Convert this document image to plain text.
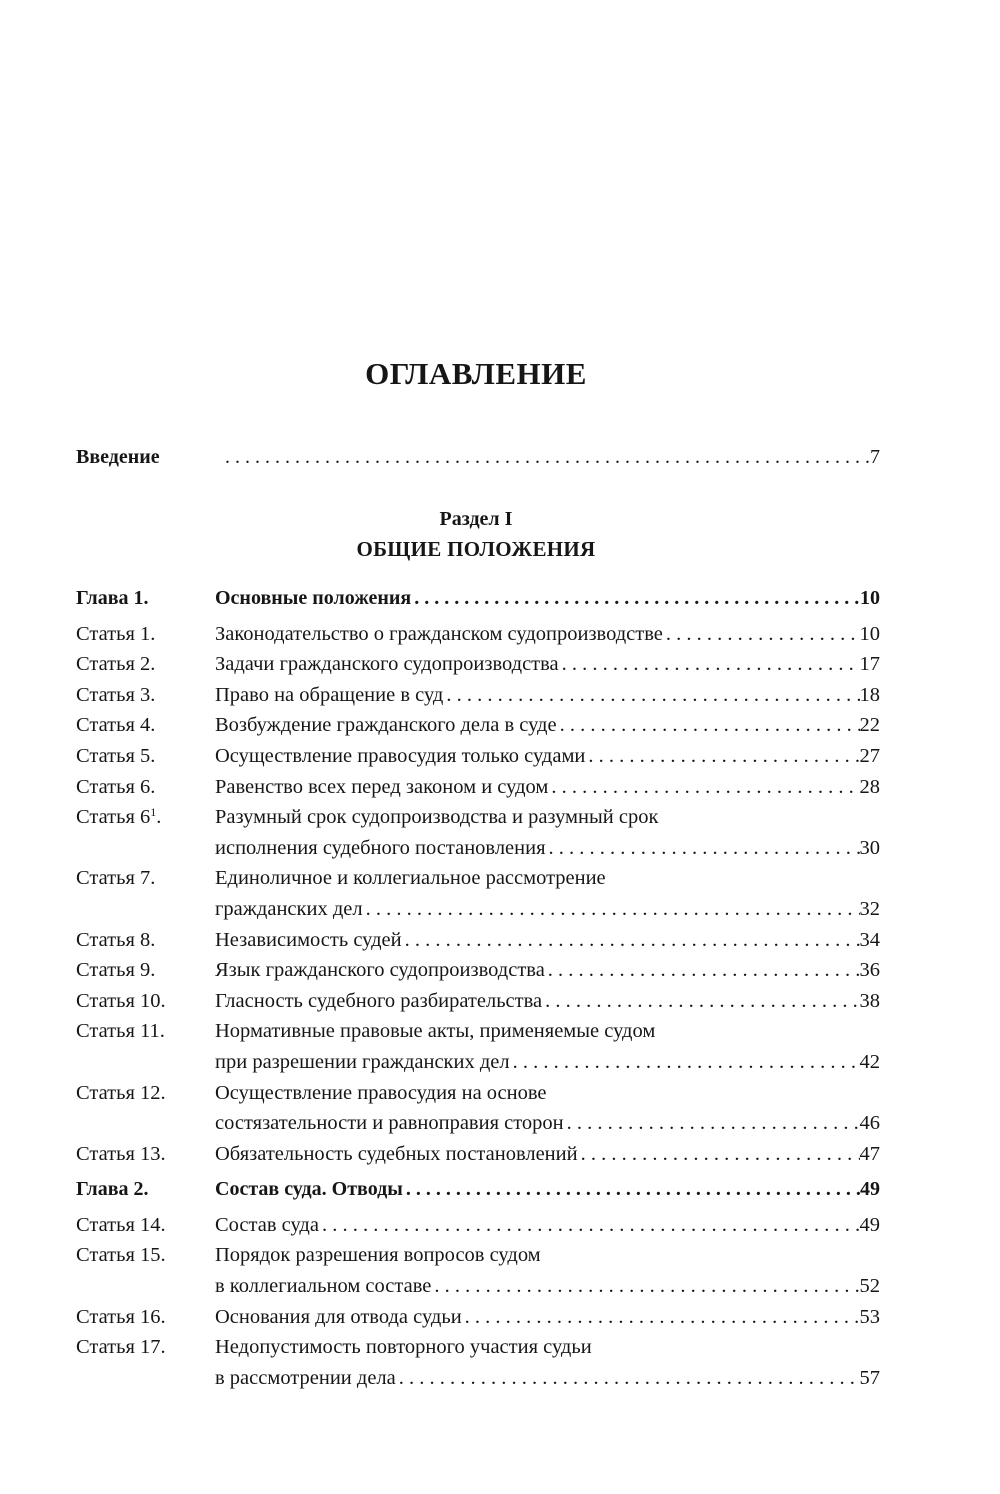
ОГЛАВЛЕНИЕ
Введение . . .	7
Раздел I
ОБЩИЕ ПОЛОЖЕНИЯ
Глава 1.	Основные положения . . .	10
Статья 1.	Законодательство о гражданском судопроизводстве . . .	10
Статья 2.	Задачи гражданского судопроизводства . . .	17
Статья 3.	Право на обращение в суд . . .	18
Статья 4.	Возбуждение гражданского дела в суде . . .	22
Статья 5.	Осуществление правосудия только судами . . .	27
Статья 6.	Равенство всех перед законом и судом . . .	28
Статья $6^1$.	Разумный срок судопроизводства и разумный срок
исполнения судебного постановления . . .	30
Статья 7.	Единоличное и коллегиальное рассмотрение
гражданских дел . . .	32
Статья 8.	Независимость судей . . .	34
Статья 9.	Язык гражданского судопроизводства . . .	36
Статья 10. Гласность судебного разбирательства . . .	38
Статья 11. Нормативные правовые акты, применяемые судом
при разрешении гражданских дел . . .	42
Статья 12. Осуществление правосудия на основе
состязательности и равноправия сторон . . .	46
Статья 13. Обязательность судебных постановлений . . .	47
Глава 2.	Состав суда. Отводы . . .	49
Статья 14. Состав суда . . .	49
Статья 15. Порядок разрешения вопросов судом
в коллегиальном составе . . .	52
Статья 16. Основания для отвода судьи . . .	53
Статья 17. Недопустимость повторного участия судьи
в рассмотрении дела . . .	57
